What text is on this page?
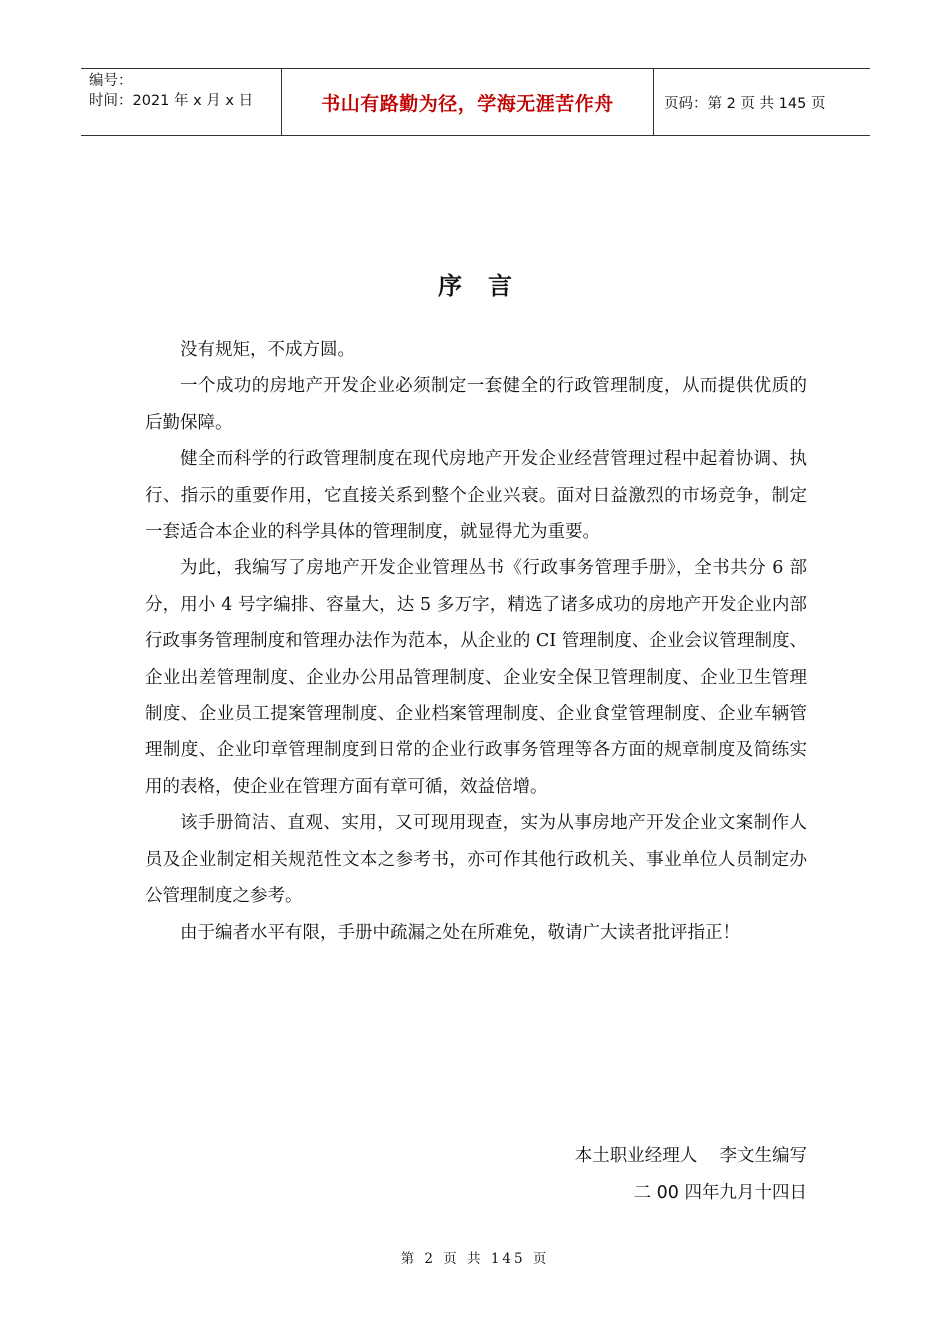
编号：
时间：2021 年 x 月 x 日	书山有路勤为径，学海无涯苦作舟	页码：第 2 页 共 145 页
序言

没有规矩，不成方圆。

一个成功的房地产开发企业必须制定一套健全的行政管理制度，从而提供优质的后勤保障。

健全而科学的行政管理制度在现代房地产开发企业经营管理过程中起着协调、执行、指示的重要作用，它直接关系到整个企业兴衰。面对日益激烈的市场竞争，制定一套适合本企业的科学具体的管理制度，就显得尤为重要。

为此，我编写了房地产开发企业管理丛书《行政事务管理手册》，全书共分 6 部分，用小 4 号字编排、容量大，达 5 多万字，精选了诸多成功的房地产开发企业内部行政事务管理制度和管理办法作为范本，从企业的 CI 管理制度、企业会议管理制度、企业出差管理制度、企业办公用品管理制度、企业安全保卫管理制度、企业卫生管理制度、企业员工提案管理制度、企业档案管理制度、企业食堂管理制度、企业车辆管理制度、企业印章管理制度到日常的企业行政事务管理等各方面的规章制度及简练实用的表格，使企业在管理方面有章可循，效益倍增。

该手册简洁、直观、实用，又可现用现查，实为从事房地产开发企业文案制作人员及企业制定相关规范性文本之参考书，亦可作其他行政机关、事业单位人员制定办公管理制度之参考。

由于编者水平有限，手册中疏漏之处在所难免，敬请广大读者批评指正！

本土职业经理人    李文生编写
二 00 四年九月十四日
第 2 页 共 145 页
